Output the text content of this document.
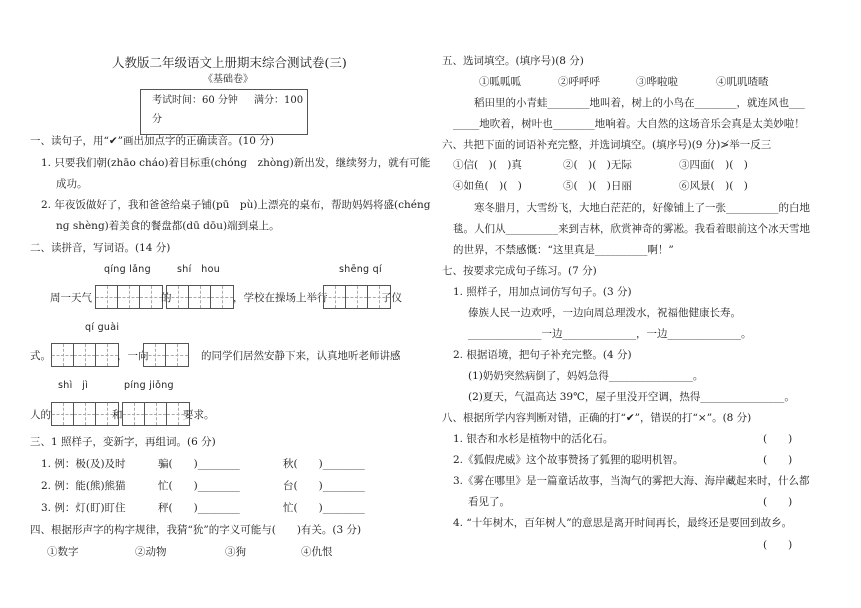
人教版二年级语文上册期末综合测试卷(三)
《基础卷》
考试时间：60 分钟 满分：100
分
一、读句子，用“✔”画出加点字的正确读音。(10 分)
1. 只要我们朝(zhāo cháo)着目标重(chóng　zhòng)新出发，继续努力，就有可能
成功。
2. 年夜饭做好了，我和爸爸给桌子铺(pū　pù)上漂亮的桌布，帮助妈妈将盛(chéng
nɡ shèng)着美食的餐盘都(dū dōu)端到桌上。
二、读拼音，写词语。(14 分)
qíng lǎng	shí　hou	shēng qí
周一天气	的	，学校在操场上举行	了仪
qí guài
式。	，一向	的同学们居然安静下来，认真地听老师讲感
shì　jì	píng jiǒng
人的	和	要求。
三、1 照样子，变新字，再组词。(6 分)
1. 例：极(及)及时	骗(　　)________	秋(　　)________
2. 例：能(熊)熊猫	忙(　　)________	台(　　)________
3. 例：灯(盯)盯住	秤(　　)________	忙(　　)________
四、根据形声字的构字规律，我猜“狁”的字义可能与(　　)有关。(3 分)
①数字	②动物	③狗	④仇恨
五、选词填空。(填序号)(8 分)
①呱呱呱	②呼呼呼	③哗啦啦	④叽叽喳喳
稻田里的小青蛙________地叫着，树上的小鸟在________，就连风也___
_____地吹着，树叶也________地响着。大自然的这场音乐会真是太美妙啦！
六、共把下面的词语补充完整，并选词填空。(填序号)(9 分)≯举一反三
①信(　)(　)真	②(　)(　)无际	③四面(　)(　)
④如鱼(　)(　)	⑤(　)(　)日丽	⑥风景(　)(　)
寒冬腊月，大雪纷飞，大地白茫茫的，好像铺上了一张__________的白地
毯。人们从__________来到吉林，欣赏神奇的雾凇。我看着眼前这个冰天雪地
的世界，不禁感慨：“这里真是__________啊！”
七、按要求完成句子练习。(7 分)
1. 照样子，用加点词仿写句子。(3 分)
傣族人民一边欢呼，一边向周总理泼水，祝福他健康长寿。
______________一边______________，一边______________。
2. 根据语境，把句子补充完整。(4 分)
(1)奶奶突然病倒了，妈妈急得________________。
(2)夏天，气温高达 39℃，屋子里没开空调，热得________________。
八、根据所学内容判断对错，正确的打“✔”，错误的打“×”。(8 分)
1. 银杏和水杉是植物中的活化石。	(　　)
2.《狐假虎威》这个故事赞扬了狐狸的聪明机智。	(　　)
3.《雾在哪里》是一篇童话故事，当淘气的雾把大海、海岸藏起来时，什么都
看见了。	(　　)
4. “十年树木，百年树人”的意思是离开时间再长，最终还是要回到故乡。
(　　)
